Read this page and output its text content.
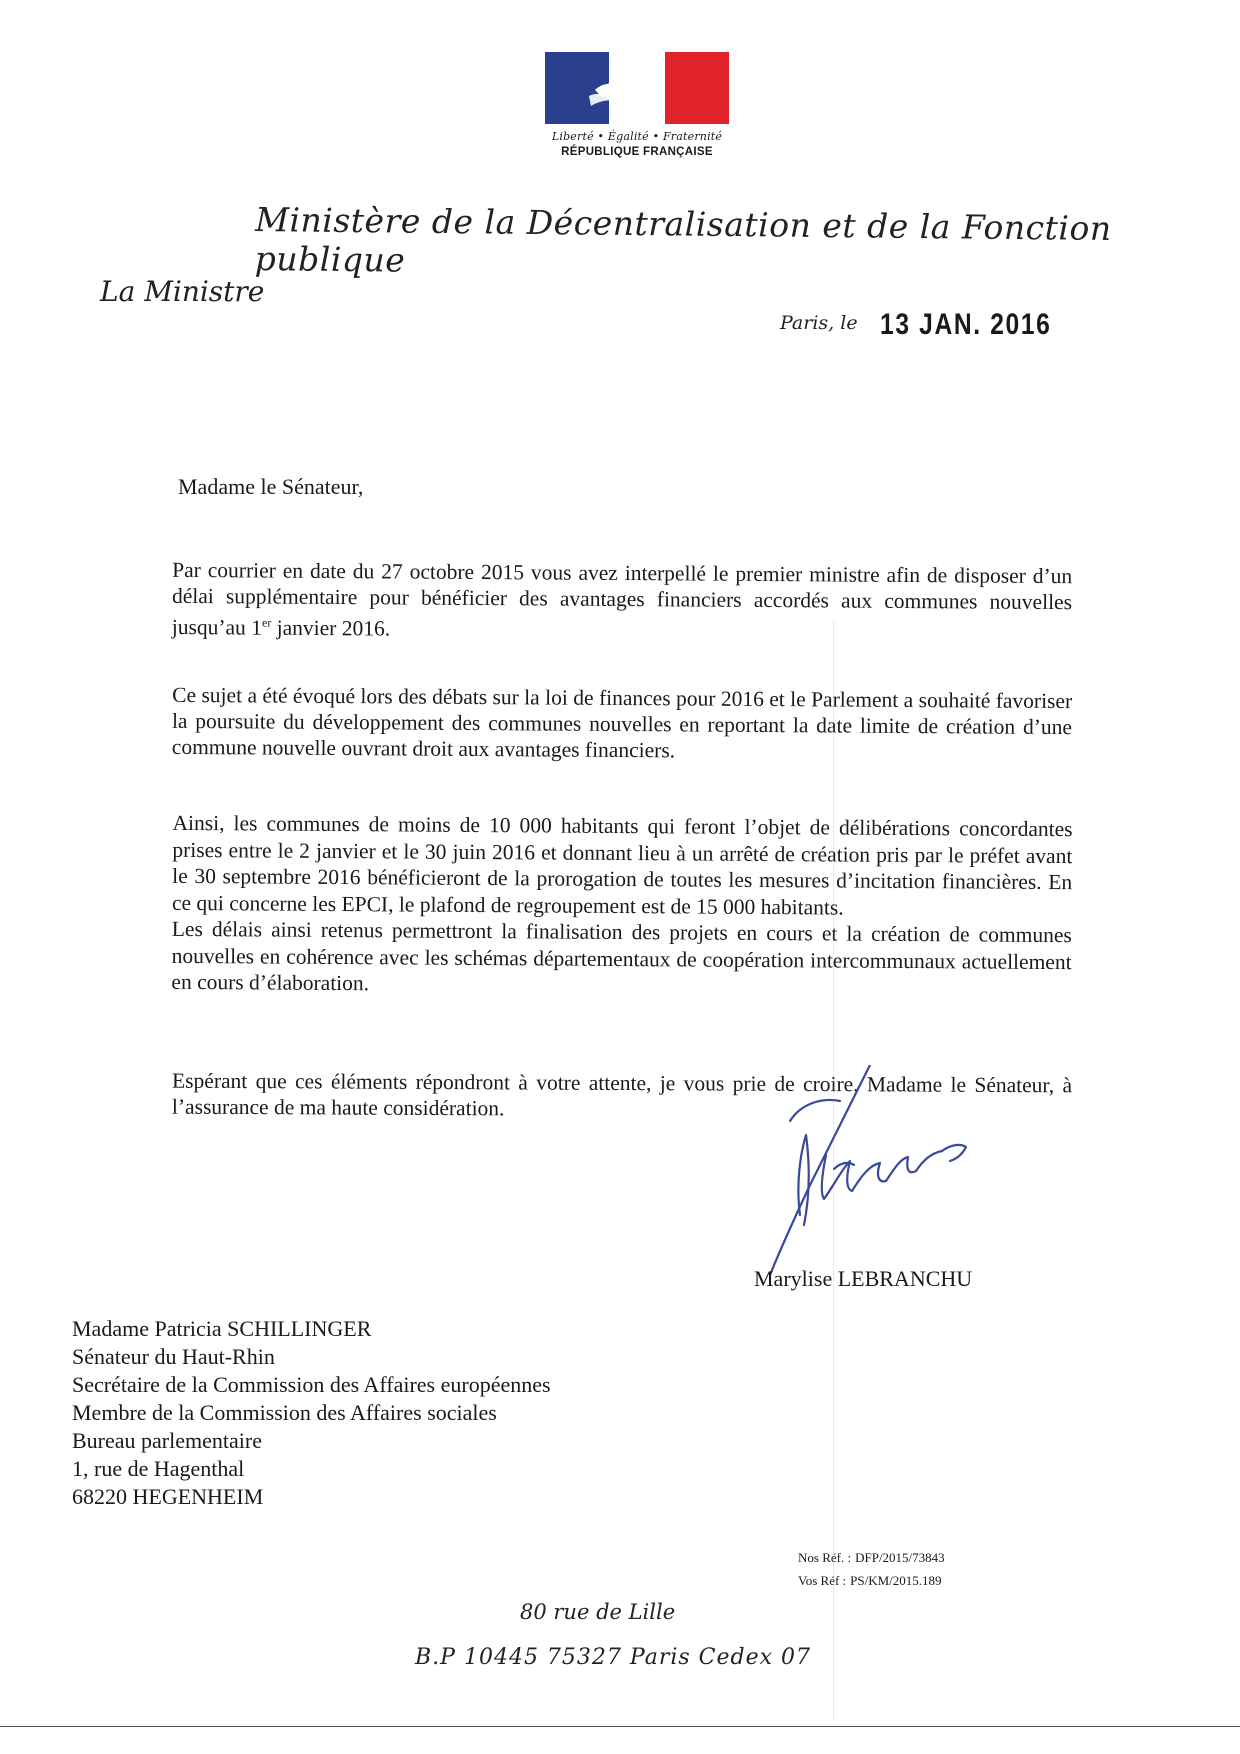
Liberté • Égalité • Fraternité
RÉPUBLIQUE FRANÇAISE
Ministère de la Décentralisation et de la Fonction publique
La Ministre
Paris, le 13 JAN. 2016
Madame le Sénateur,
Par courrier en date du 27 octobre 2015 vous avez interpellé le premier ministre afin de disposer d’un délai supplémentaire pour bénéficier des avantages financiers accordés aux communes nouvelles jusqu’au 1er janvier 2016.
Ce sujet a été évoqué lors des débats sur la loi de finances pour 2016 et le Parlement a souhaité favoriser la poursuite du développement des communes nouvelles en reportant la date limite de création d’une commune nouvelle ouvrant droit aux avantages financiers.
Ainsi, les communes de moins de 10 000 habitants qui feront l’objet de délibérations concordantes prises entre le 2 janvier et le 30 juin 2016 et donnant lieu à un arrêté de création pris par le préfet avant le 30 septembre 2016 bénéficieront de la prorogation de toutes les mesures d’incitation financières. En ce qui concerne les EPCI, le plafond de regroupement est de 15 000 habitants.
Les délais ainsi retenus permettront la finalisation des projets en cours et la création de communes nouvelles en cohérence avec les schémas départementaux de coopération intercommunaux actuellement en cours d’élaboration.
Espérant que ces éléments répondront à votre attente, je vous prie de croire, Madame le Sénateur, à l’assurance de ma haute considération.
Marylise LEBRANCHU
Madame Patricia SCHILLINGER
Sénateur du Haut-Rhin
Secrétaire de la Commission des Affaires européennes
Membre de la Commission des Affaires sociales
Bureau parlementaire
1, rue de Hagenthal
68220 HEGENHEIM
Nos Réf. : DFP/2015/73843
Vos Réf : PS/KM/2015.189
80 rue de Lille
B.P 10445 75327 Paris Cedex 07
